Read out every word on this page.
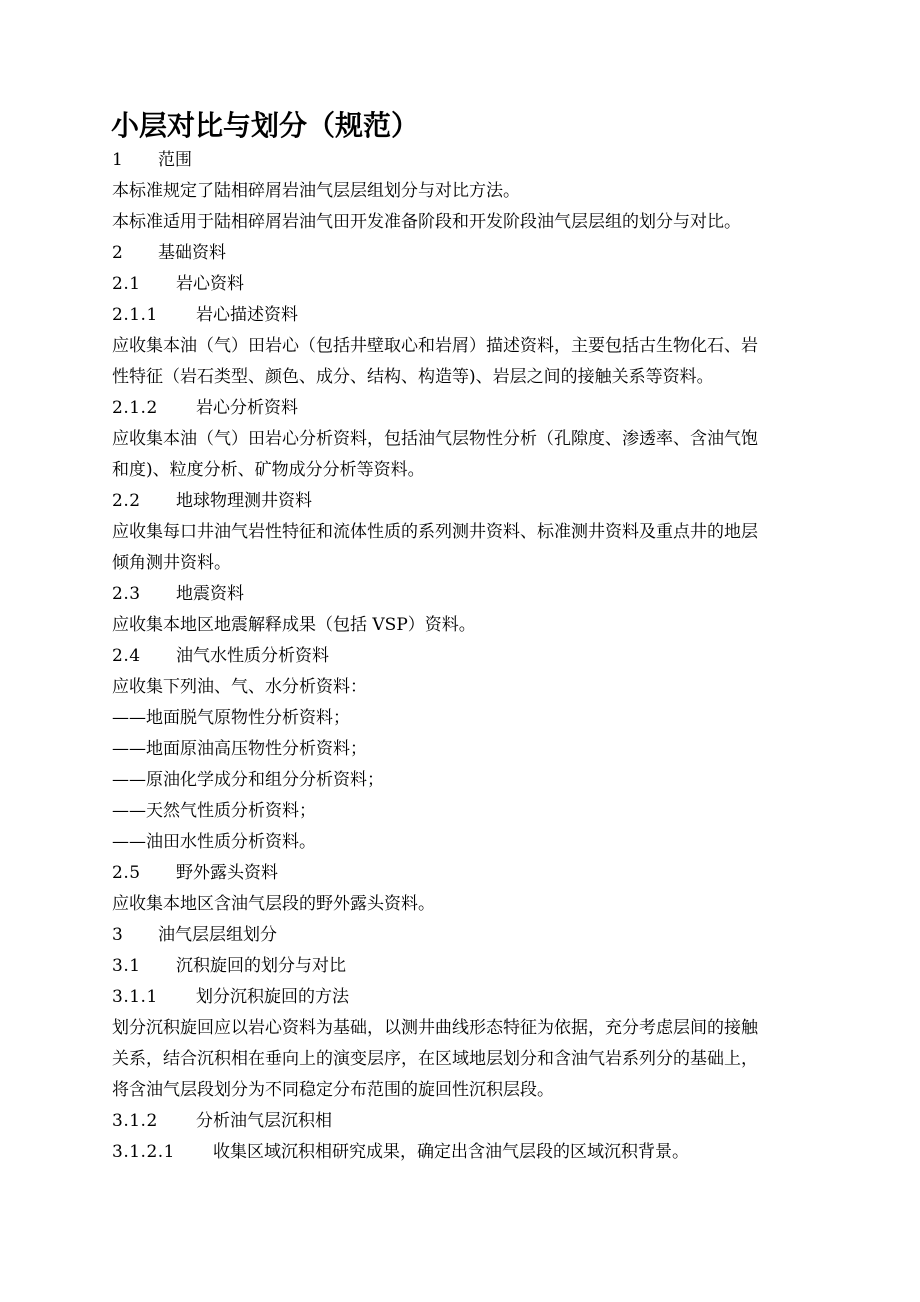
小层对比与划分（规范）
1	范围
本标准规定了陆相碎屑岩油气层层组划分与对比方法。
本标准适用于陆相碎屑岩油气田开发准备阶段和开发阶段油气层层组的划分与对比。
2	基础资料
2.1	岩心资料
2.1.1	岩心描述资料
应收集本油（气）田岩心（包括井壁取心和岩屑）描述资料，主要包括古生物化石、岩
性特征（岩石类型、颜色、成分、结构、构造等)、岩层之间的接触关系等资料。
2.1.2	岩心分析资料
应收集本油（气）田岩心分析资料，包括油气层物性分析（孔隙度、渗透率、含油气饱
和度)、粒度分析、矿物成分分析等资料。
2.2	地球物理测井资料
应收集每口井油气岩性特征和流体性质的系列测井资料、标准测井资料及重点井的地层
倾角测井资料。
2.3	地震资料
应收集本地区地震解释成果（包括 VSP）资料。
2.4	油气水性质分析资料
应收集下列油、气、水分析资料：
——地面脱气原物性分析资料；
——地面原油高压物性分析资料；
——原油化学成分和组分分析资料；
——天然气性质分析资料；
——油田水性质分析资料。
2.5	野外露头资料
应收集本地区含油气层段的野外露头资料。
3	油气层层组划分
3.1	沉积旋回的划分与对比
3.1.1	划分沉积旋回的方法
划分沉积旋回应以岩心资料为基础，以测井曲线形态特征为依据，充分考虑层间的接触
关系，结合沉积相在垂向上的演变层序，在区域地层划分和含油气岩系列分的基础上，
将含油气层段划分为不同稳定分布范围的旋回性沉积层段。
3.1.2	分析油气层沉积相
3.1.2.1	收集区域沉积相研究成果，确定出含油气层段的区域沉积背景。
